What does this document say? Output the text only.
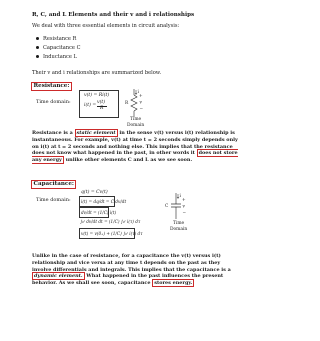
R, C, and L Elements and their v and i relationships
We deal with three essential elements in circuit analysis:
Resistance R
Capacitance C
Inductance L
Their v and i relationships are summarized below.
Resistance:
Time domain:
v(t) = Ri(t)
i(t) =
v(t)
R
i
R
+
v
−
Time
Domain
Resistance is a static element in the sense v(t) versus i(t) relationship is instantaneous. For example, v(t) at time t = 2 seconds simply depends only on i(t) at t = 2 seconds and nothing else. This implies that the resistance does not know what happened in the past, in other words it does not store any energy unlike other elements C and L as we see soon.
Capacitance:
Time domain:
q(t) = Cv(t)
i(t) = dq/dt = C dv/dt
dv/dt = (1/C) i(t)
∫₀ᵗ dv/dt dt = (1/C) ∫₀ᵗ i(τ) dτ
v(t) = v(0₊) + (1/C) ∫₀ᵗ i(τ) dτ
i
C
+
v
−
Time
Domain
Unlike in the case of resistance, for a capacitance the v(t) versus i(t) relationship and vice versa at any time t depends on the past as they involve differentials and integrals. This implies that the capacitance is a dynamic element. What happened in the past influences the present behavior. As we shall see soon, capacitance stores energy.
